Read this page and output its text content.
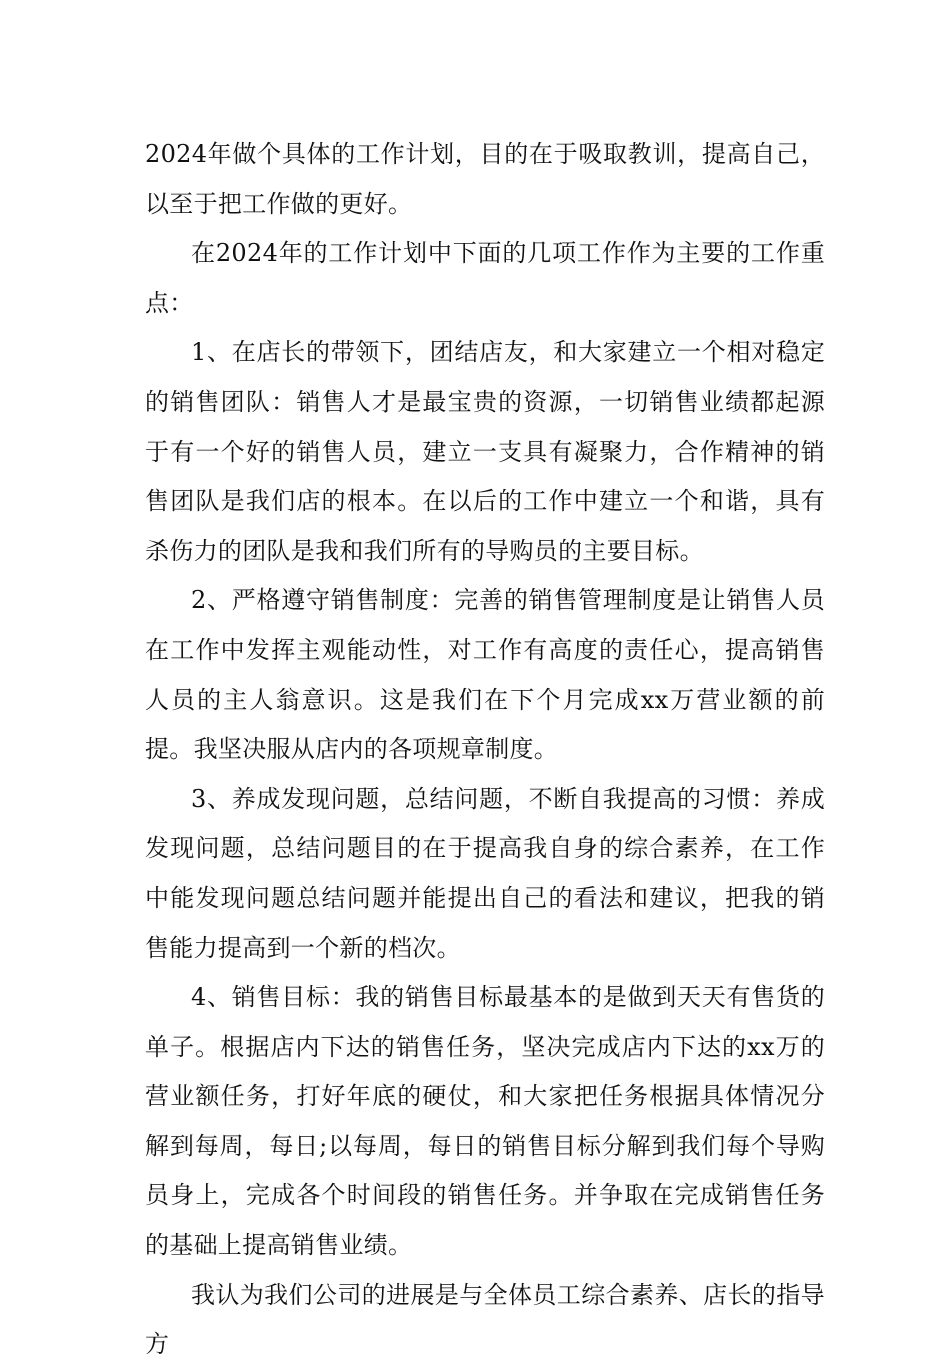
2024年做个具体的工作计划，目的在于吸取教训，提高自己，以至于把工作做的更好。

在2024年的工作计划中下面的几项工作作为主要的工作重点：

1、在店长的带领下，团结店友，和大家建立一个相对稳定的销售团队：销售人才是最宝贵的资源，一切销售业绩都起源于有一个好的销售人员，建立一支具有凝聚力，合作精神的销售团队是我们店的根本。在以后的工作中建立一个和谐，具有杀伤力的团队是我和我们所有的导购员的主要目标。

2、严格遵守销售制度：完善的销售管理制度是让销售人员在工作中发挥主观能动性，对工作有高度的责任心，提高销售人员的主人翁意识。这是我们在下个月完成xx万营业额的前提。我坚决服从店内的各项规章制度。

3、养成发现问题，总结问题，不断自我提高的习惯：养成发现问题，总结问题目的在于提高我自身的综合素养，在工作中能发现问题总结问题并能提出自己的看法和建议，把我的销售能力提高到一个新的档次。

4、销售目标：我的销售目标最基本的是做到天天有售货的单子。根据店内下达的销售任务，坚决完成店内下达的xx万的营业额任务，打好年底的硬仗，和大家把任务根据具体情况分解到每周，每日;以每周，每日的销售目标分解到我们每个导购员身上，完成各个时间段的销售任务。并争取在完成销售任务的基础上提高销售业绩。

我认为我们公司的进展是与全体员工综合素养、店长的指导方
